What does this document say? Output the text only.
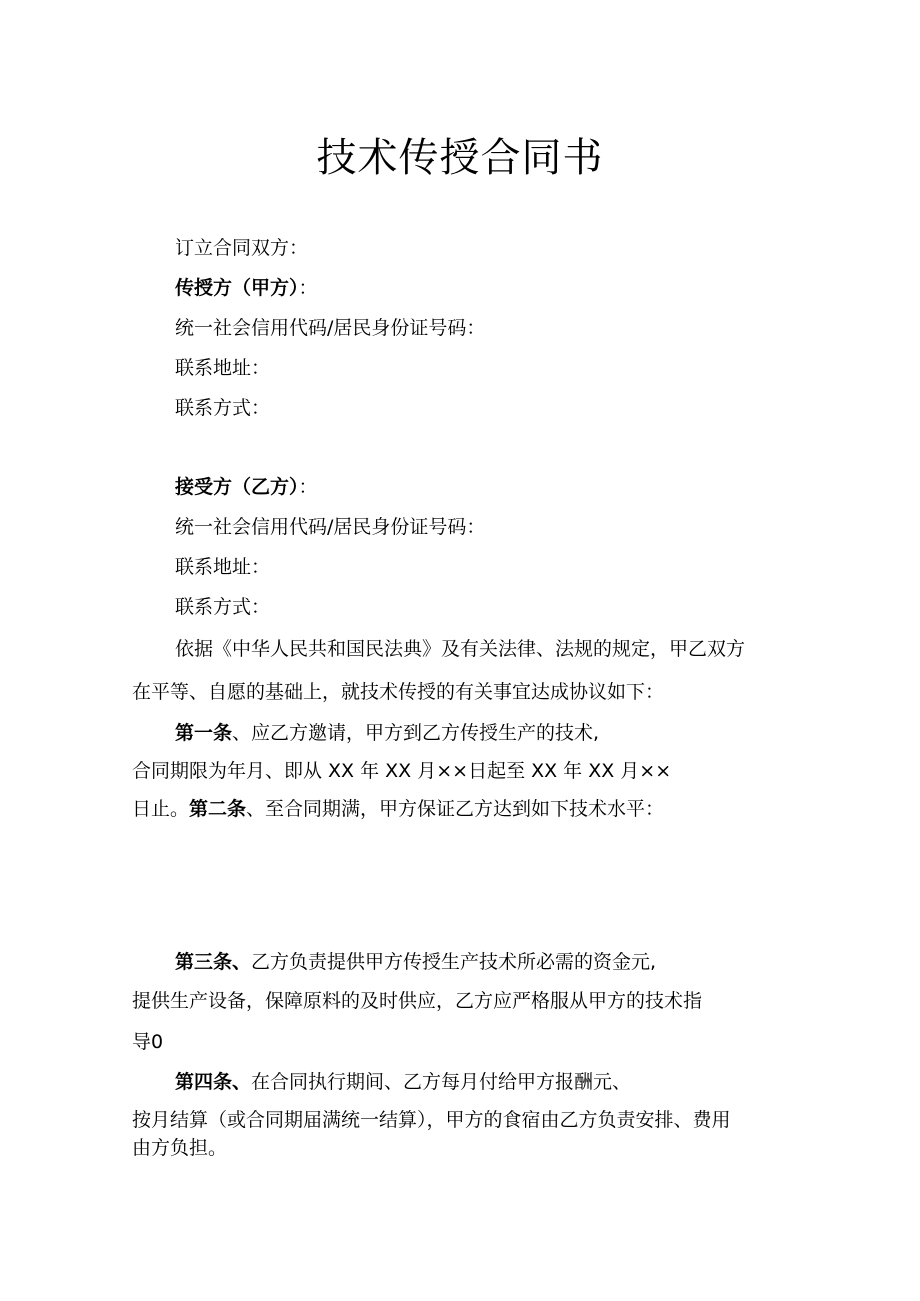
技术传授合同书
订立合同双方：
传授方（甲方）：
统一社会信用代码/居民身份证号码：
联系地址：
联系方式：
接受方（乙方）：
统一社会信用代码/居民身份证号码：
联系地址：
联系方式：
依据《中华人民共和国民法典》及有关法律、法规的规定，甲乙双方
在平等、自愿的基础上，就技术传授的有关事宜达成协议如下：
第一条、应乙方邀请，甲方到乙方传授生产的技术,
合同期限为年月、即从 XX 年 XX 月××日起至 XX 年 XX 月××
日止。第二条、至合同期满，甲方保证乙方达到如下技术水平：
第三条、乙方负责提供甲方传授生产技术所必需的资金元,
提供生产设备，保障原料的及时供应，乙方应严格服从甲方的技术指
导0
第四条、在合同执行期间、乙方每月付给甲方报酬元、
按月结算（或合同期届满统一结算），甲方的食宿由乙方负责安排、费用
由方负担。
